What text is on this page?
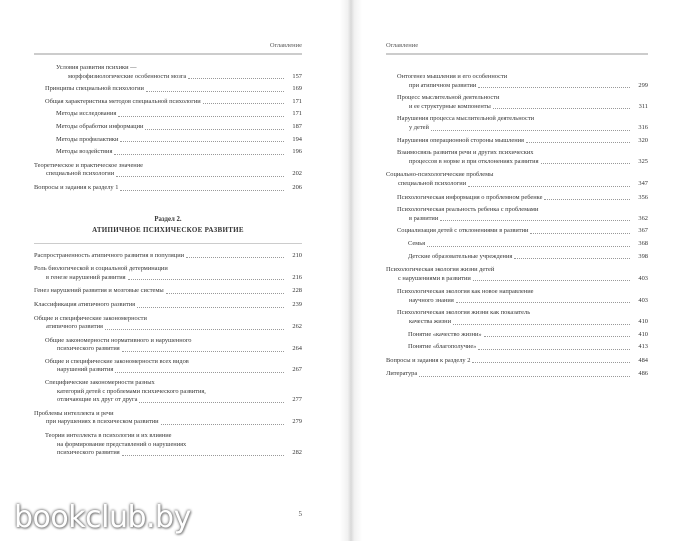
Оглавление
Условия развития психики —
морфофизиологические особенности мозга	157
Принципы специальной психологии	169
Общая характеристика методов специальной психологии	171
Методы исследования	171
Методы обработки информации	187
Методы профилактики	194
Методы воздействия	196
Теоретическое и практическое значение
специальной психологии	202
Вопросы и задания к разделу 1	206
Раздел 2.
АТИПИЧНОЕ ПСИХИЧЕСКОЕ РАЗВИТИЕ
Распространенность атипичного развития в популяции	210
Роль биологической и социальной детерминации
в генезе нарушений развития	216
Генез нарушений развития и мозговые системы	228
Классификация атипичного развития	239
Общие и специфические закономерности
атипичного развития	262
Общие закономерности нормативного и нарушенного
психического развития	264
Общие и специфические закономерности всех видов
нарушений развития	267
Специфические закономерности разных
категорий детей с проблемами психического развития,
отличающие их друг от друга	277
Проблемы интеллекта и речи
при нарушениях в психическом развитии	279
Теории интеллекта в психологии и их влияние
на формирование представлений о нарушениях
психического развития	282
5
Оглавление
Онтогенез мышления и его особенности
при атипичном развитии	299
Процесс мыслительной деятельности
и ее структурные компоненты	311
Нарушения процесса мыслительной деятельности
у детей	316
Нарушения операционной стороны мышления	320
Взаимосвязь развития речи и других психических
процессов в норме и при отклонениях развития	325
Социально-психологические проблемы
специальной психологии	347
Психологическая информация о проблемном ребенке	356
Психологическая реальность ребенка с проблемами
в развитии	362
Социализация детей с отклонениями в развитии	367
Семья	368
Детские образовательные учреждения	398
Психологическая экология жизни детей
с нарушениями в развитии	403
Психологическая экология как новое направление
научного знания	403
Психологическая экология жизни как показатель
качества жизни	410
Понятие «качество жизни»	410
Понятие «благополучие»	413
Вопросы и задания к разделу 2	484
Литература	486
bookclub.by
